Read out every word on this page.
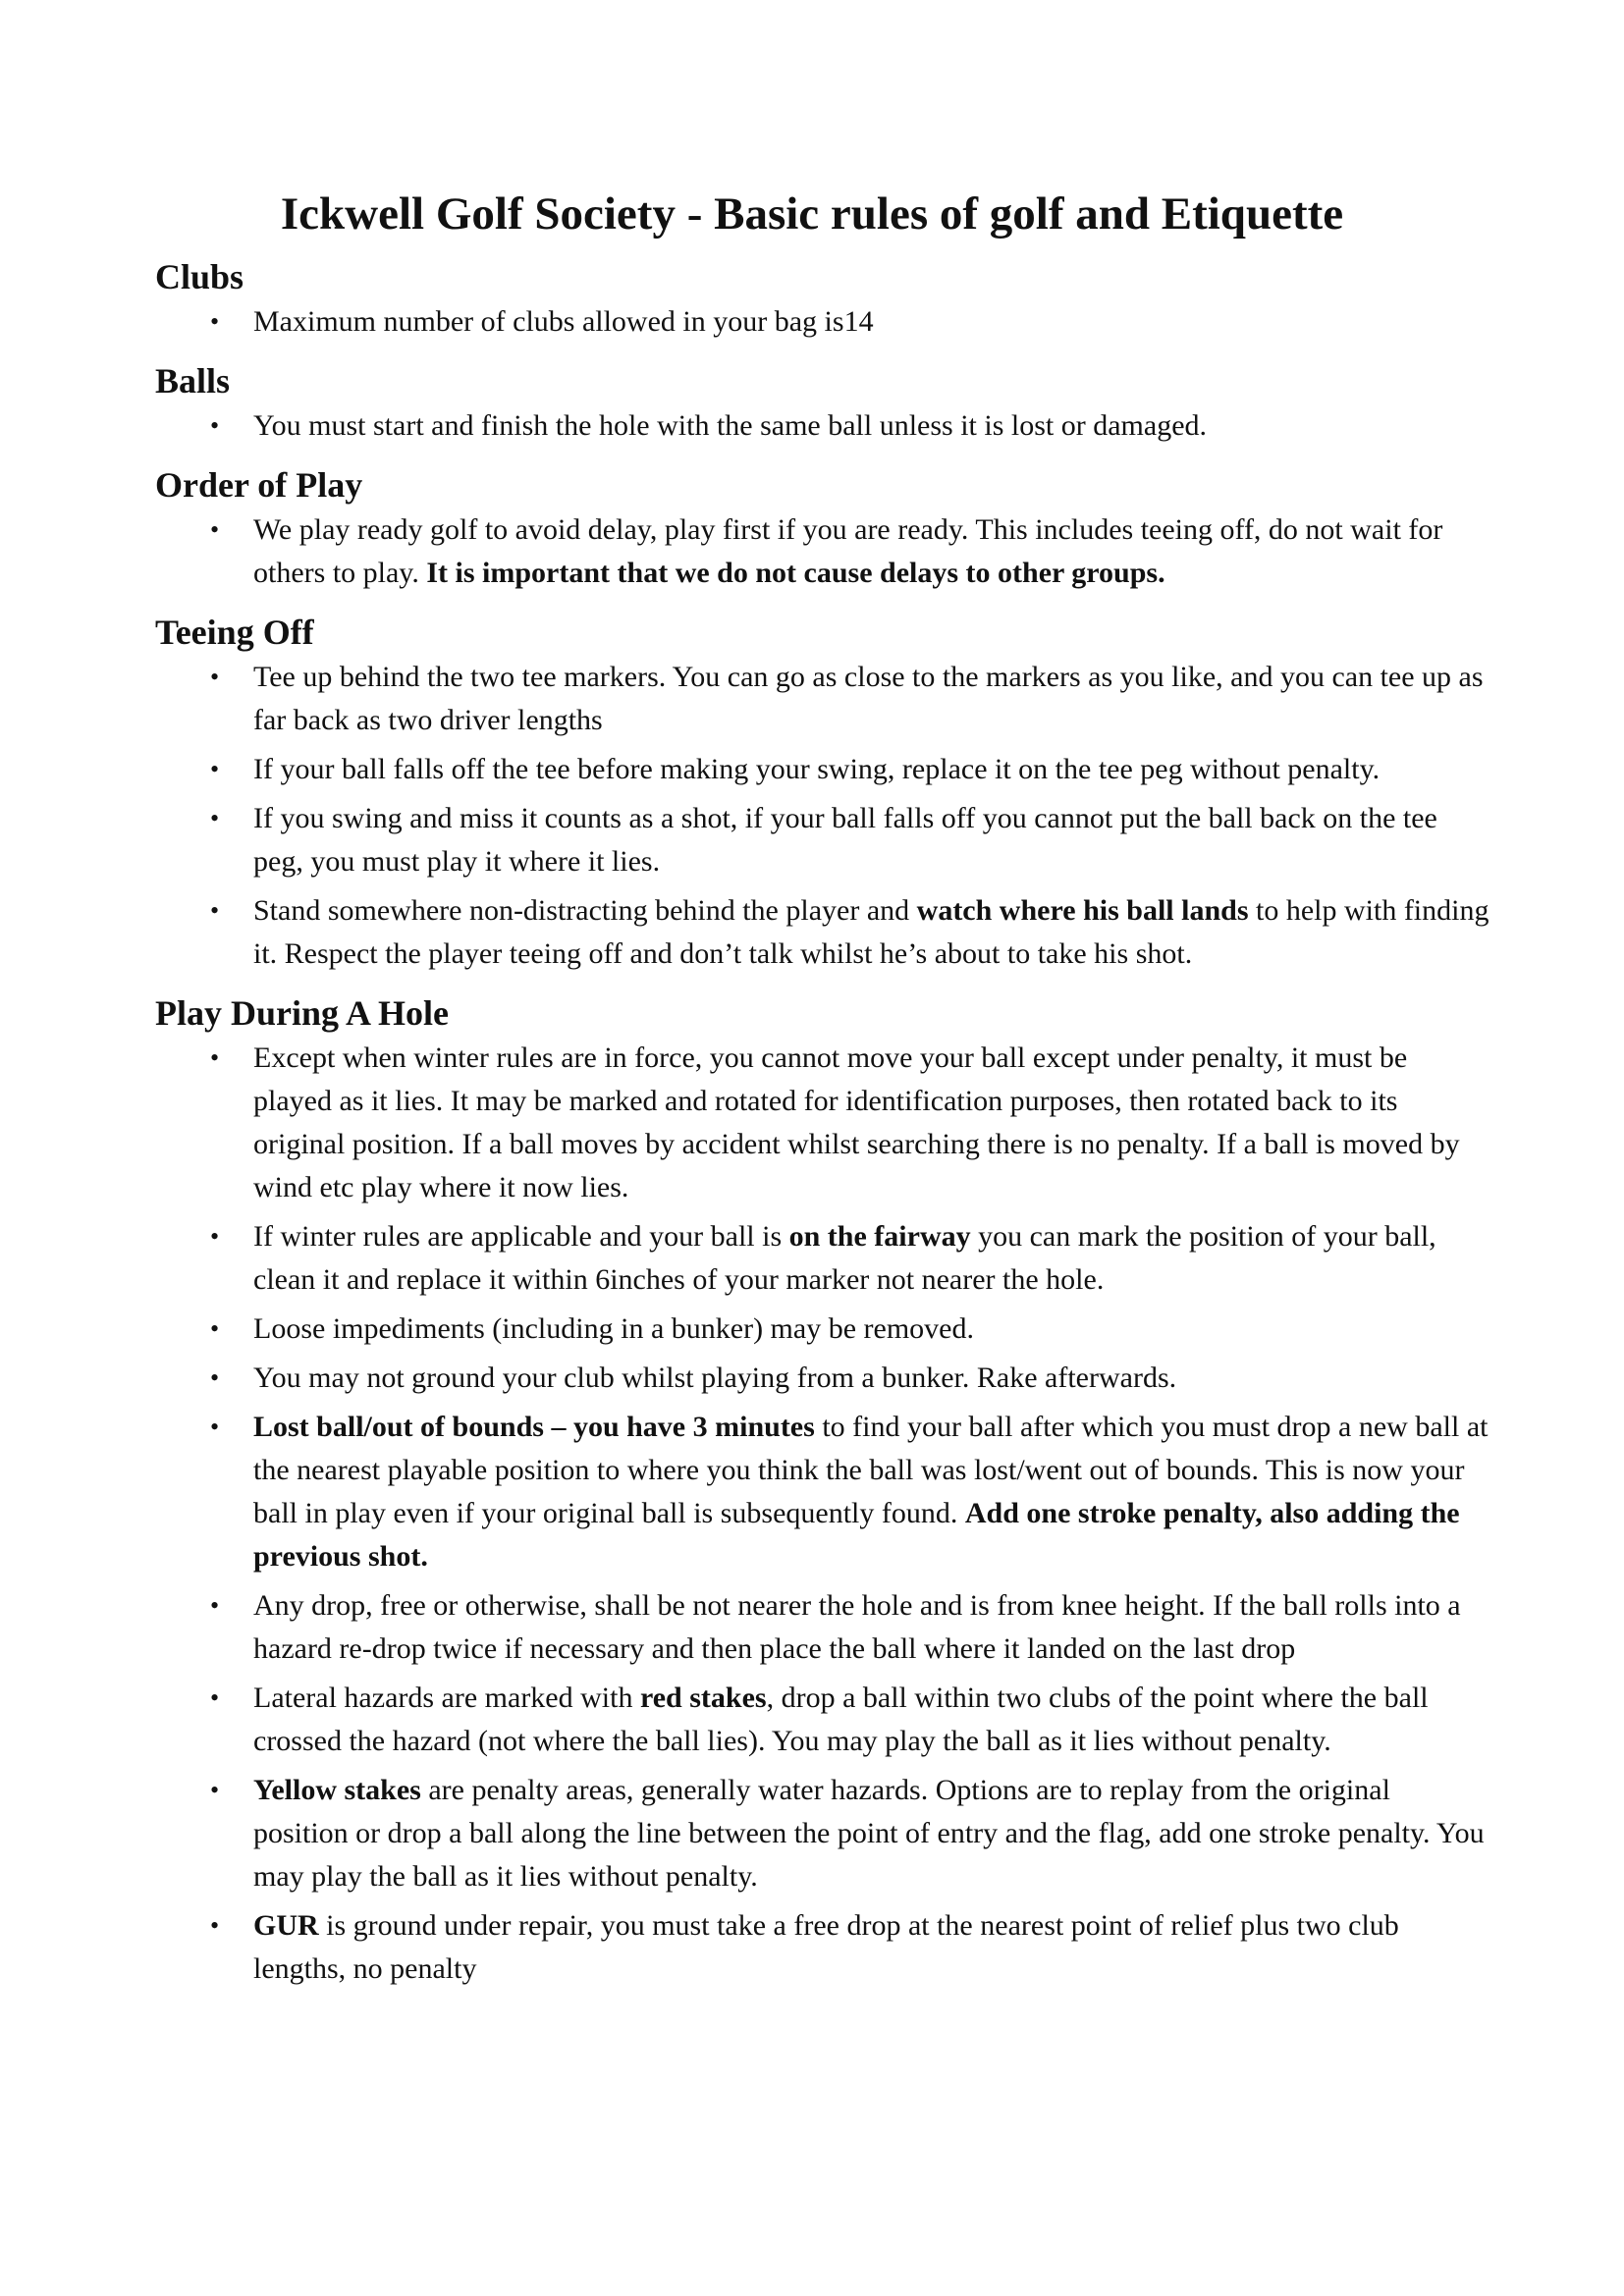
Ickwell Golf Society - Basic rules of golf and Etiquette
Clubs
• Maximum number of clubs allowed in your bag is14
Balls
• You must start and finish the hole with the same ball unless it is lost or damaged.
Order of Play
• We play ready golf to avoid delay, play first if you are ready. This includes teeing off, do not wait for others to play. It is important that we do not cause delays to other groups.
Teeing Off
• Tee up behind the two tee markers. You can go as close to the markers as you like, and you can tee up as far back as two driver lengths
• If your ball falls off the tee before making your swing, replace it on the tee peg without penalty.
• If you swing and miss it counts as a shot, if your ball falls off you cannot put the ball back on the tee peg, you must play it where it lies.
• Stand somewhere non-distracting behind the player and watch where his ball lands to help with finding it. Respect the player teeing off and don’t talk whilst he’s about to take his shot.
Play During A Hole
• Except when winter rules are in force, you cannot move your ball except under penalty, it must be played as it lies. It may be marked and rotated for identification purposes, then rotated back to its original position. If a ball moves by accident whilst searching there is no penalty. If a ball is moved by wind etc play where it now lies.
• If winter rules are applicable and your ball is on the fairway you can mark the position of your ball, clean it and replace it within 6inches of your marker not nearer the hole.
• Loose impediments (including in a bunker) may be removed.
• You may not ground your club whilst playing from a bunker. Rake afterwards.
• Lost ball/out of bounds – you have 3 minutes to find your ball after which you must drop a new ball at the nearest playable position to where you think the ball was lost/went out of bounds. This is now your ball in play even if your original ball is subsequently found. Add one stroke penalty, also adding the previous shot.
• Any drop, free or otherwise, shall be not nearer the hole and is from knee height. If the ball rolls into a hazard re-drop twice if necessary and then place the ball where it landed on the last drop
• Lateral hazards are marked with red stakes, drop a ball within two clubs of the point where the ball crossed the hazard (not where the ball lies). You may play the ball as it lies without penalty.
• Yellow stakes are penalty areas, generally water hazards. Options are to replay from the original position or drop a ball along the line between the point of entry and the flag, add one stroke penalty. You may play the ball as it lies without penalty.
• GUR is ground under repair, you must take a free drop at the nearest point of relief plus two club lengths, no penalty
